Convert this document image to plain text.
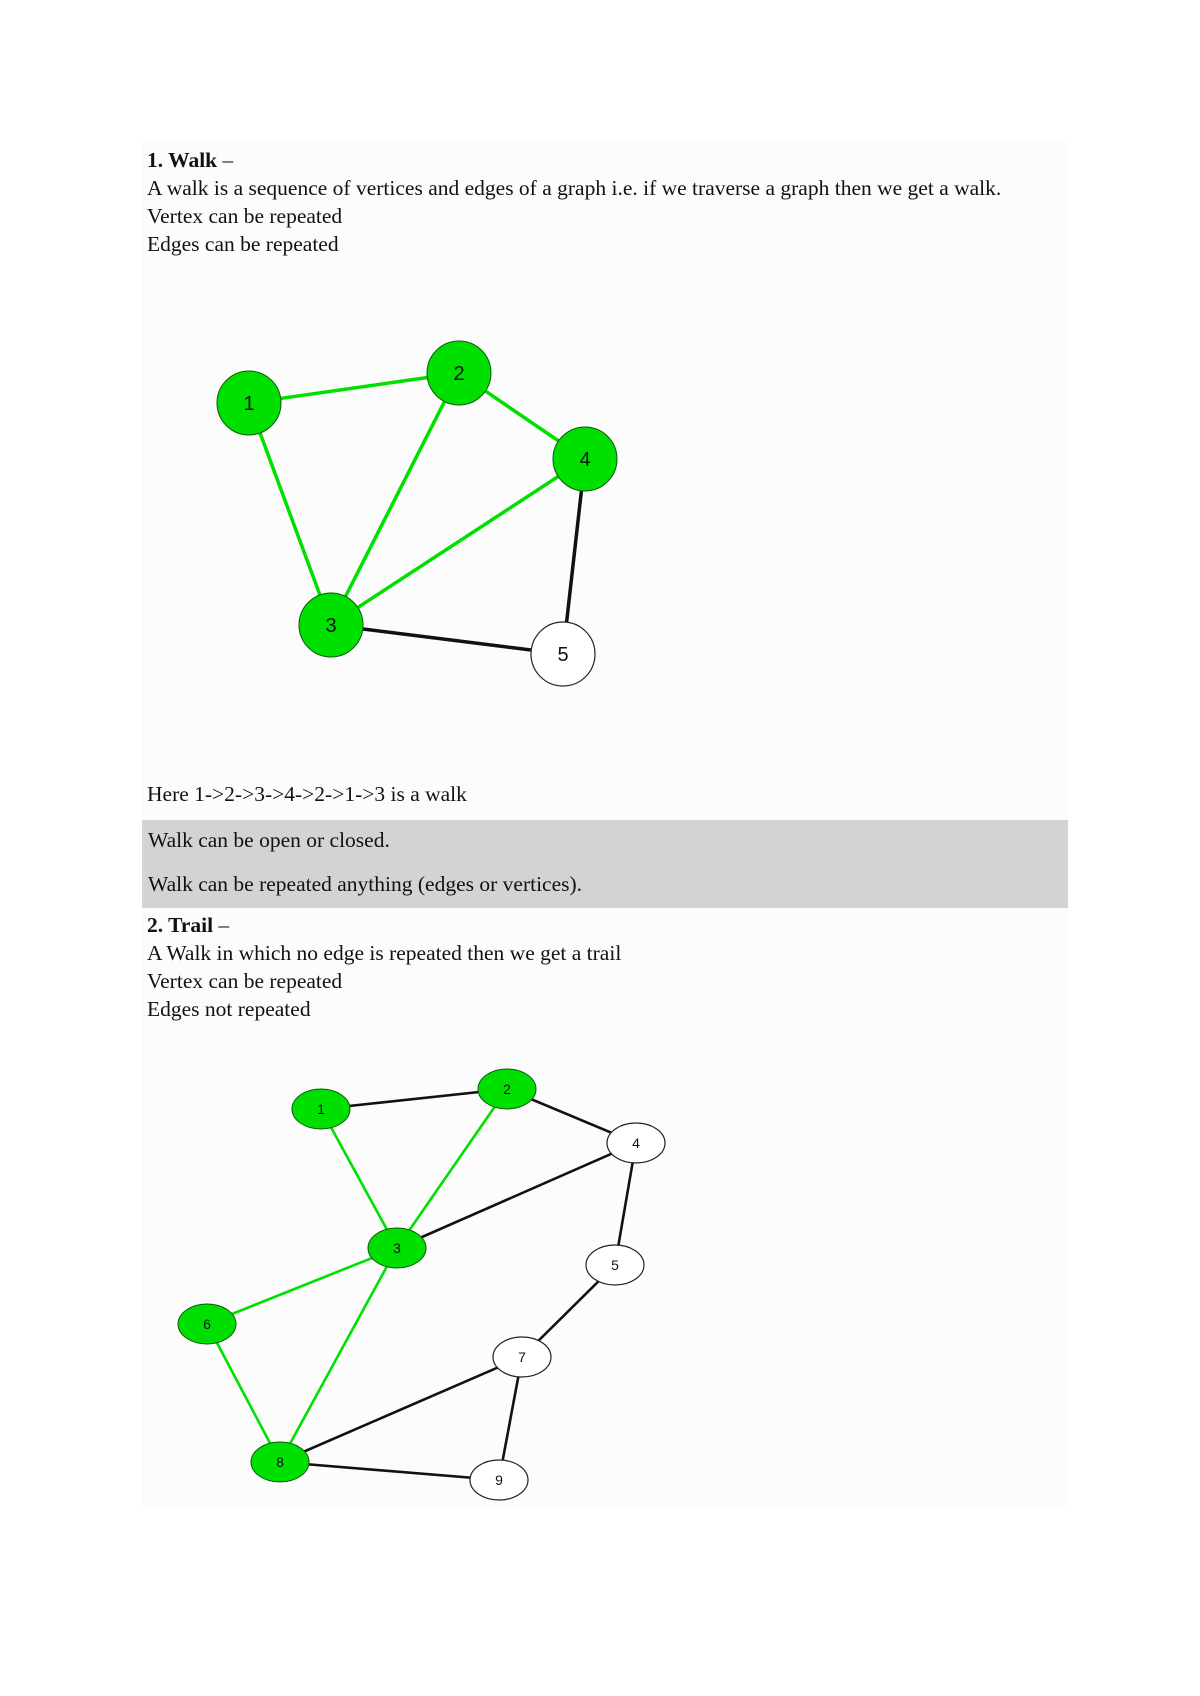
1. Walk –
A walk is a sequence of vertices and edges of a graph i.e. if we traverse a graph then we get a walk.
Vertex can be repeated
Edges can be repeated
1
2
3
4
5
Here 1->2->3->4->2->1->3 is a walk
Walk can be open or closed.
Walk can be repeated anything (edges or vertices).
2. Trail –
A Walk in which no edge is repeated then we get a trail
Vertex can be repeated
Edges not repeated
1
2
3
4
5
6
7
8
9
